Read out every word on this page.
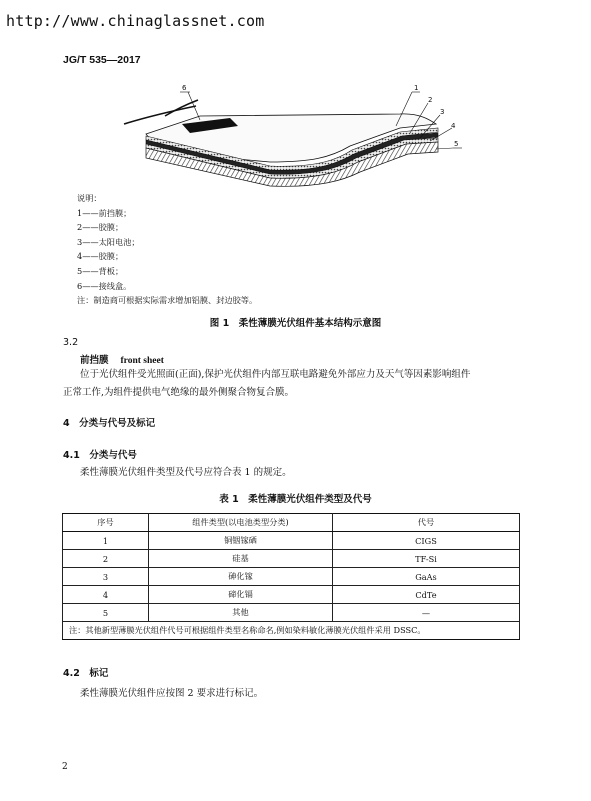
http://www.chinaglassnet.com
JG/T 535—2017
1
2
3
4
5
6
说明：
1——前挡膜；
2——胶膜；
3——太阳电池；
4——胶膜；
5——背板；
6——接线盒。
注：制造商可根据实际需求增加铝膜、封边胶等。
图 1　柔性薄膜光伏组件基本结构示意图
3.2
前挡膜 front sheet
位于光伏组件受光照面(正面),保护光伏组件内部互联电路避免外部应力及天气等因素影响组件
正常工作,为组件提供电气绝缘的最外侧聚合物复合膜。
4　分类与代号及标记
4.1　分类与代号
柔性薄膜光伏组件类型及代号应符合表 1 的规定。
表 1　柔性薄膜光伏组件类型及代号
序号	组件类型(以电池类型分类)	代号
1	铜铟镓硒	CIGS
2	硅基	TF-Si
3	砷化镓	GaAs
4	碲化镉	CdTe
5	其他	—
注：其他新型薄膜光伏组件代号可根据组件类型名称命名,例如染料敏化薄膜光伏组件采用 DSSC。		
4.2　标记
柔性薄膜光伏组件应按图 2 要求进行标记。
2
